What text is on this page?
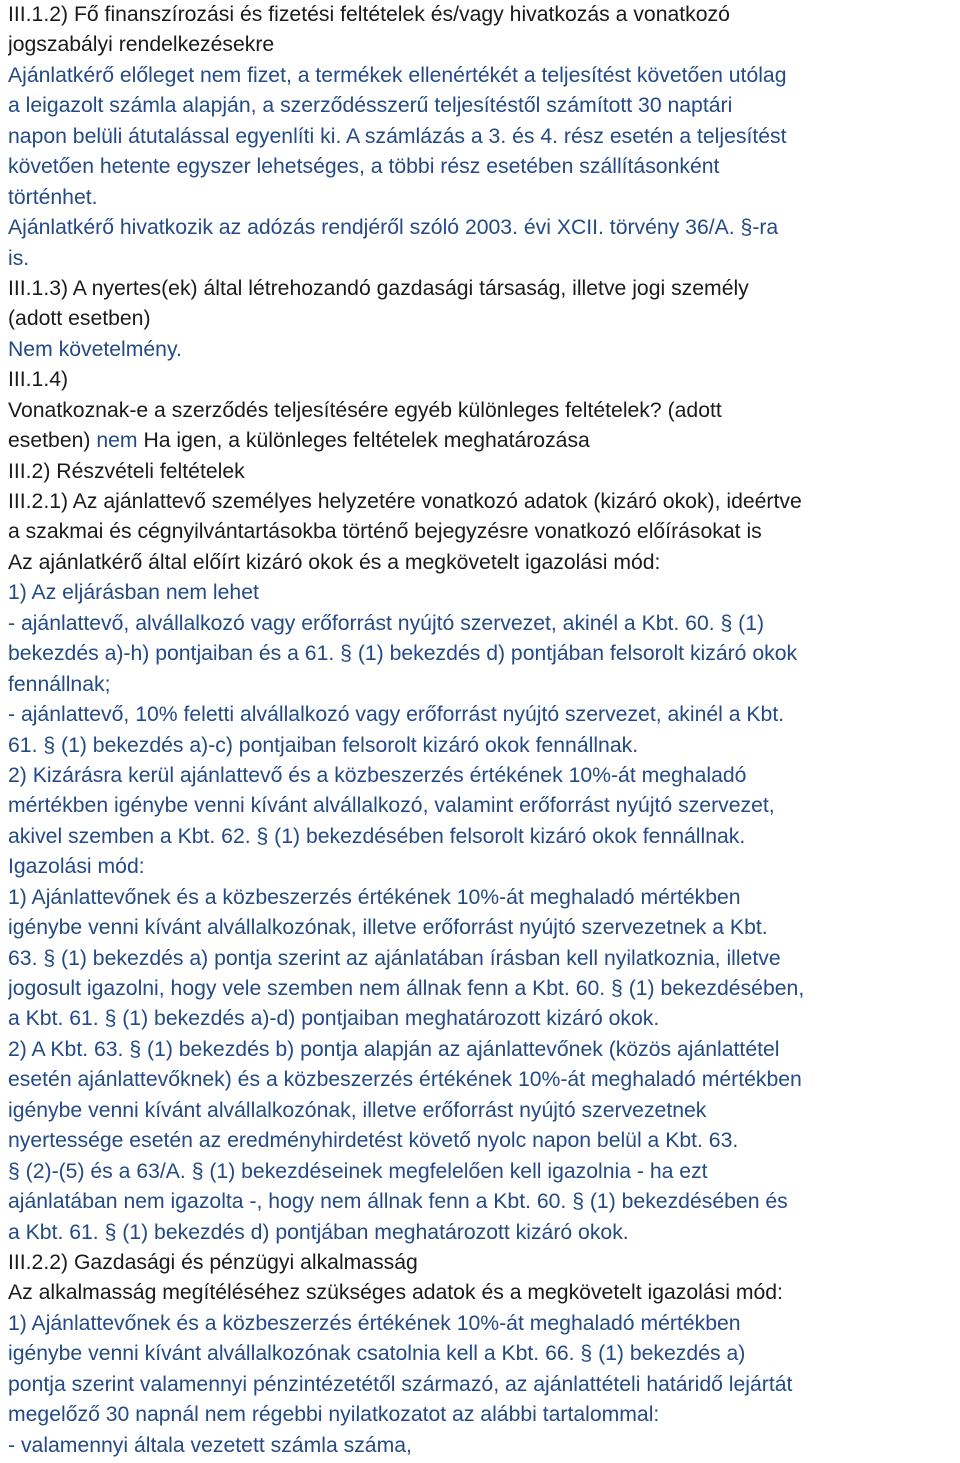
III.1.2) Fő finanszírozási és fizetési feltételek és/vagy hivatkozás a vonatkozó
jogszabályi rendelkezésekre
Ajánlatkérő előleget nem fizet, a termékek ellenértékét a teljesítést követően utólag
a leigazolt számla alapján, a szerződésszerű teljesítéstől számított 30 naptári
napon belüli átutalással egyenlíti ki. A számlázás a 3. és 4. rész esetén a teljesítést
követően hetente egyszer lehetséges, a többi rész esetében szállításonként
történhet.
Ajánlatkérő hivatkozik az adózás rendjéről szóló 2003. évi XCII. törvény 36/A. §-ra
is.
III.1.3) A nyertes(ek) által létrehozandó gazdasági társaság, illetve jogi személy
(adott esetben)
Nem követelmény.
III.1.4)
Vonatkoznak-e a szerződés teljesítésére egyéb különleges feltételek? (adott
esetben) nem Ha igen, a különleges feltételek meghatározása
III.2) Részvételi feltételek
III.2.1) Az ajánlattevő személyes helyzetére vonatkozó adatok (kizáró okok), ideértve
a szakmai és cégnyilvántartásokba történő bejegyzésre vonatkozó előírásokat is
Az ajánlatkérő által előírt kizáró okok és a megkövetelt igazolási mód:
1) Az eljárásban nem lehet
- ajánlattevő, alvállalkozó vagy erőforrást nyújtó szervezet, akinél a Kbt. 60. § (1)
bekezdés a)-h) pontjaiban és a 61. § (1) bekezdés d) pontjában felsorolt kizáró okok
fennállnak;
- ajánlattevő, 10% feletti alvállalkozó vagy erőforrást nyújtó szervezet, akinél a Kbt.
61. § (1) bekezdés a)-c) pontjaiban felsorolt kizáró okok fennállnak.
2) Kizárásra kerül ajánlattevő és a közbeszerzés értékének 10%-át meghaladó
mértékben igénybe venni kívánt alvállalkozó, valamint erőforrást nyújtó szervezet,
akivel szemben a Kbt. 62. § (1) bekezdésében felsorolt kizáró okok fennállnak.
Igazolási mód:
1) Ajánlattevőnek és a közbeszerzés értékének 10%-át meghaladó mértékben
igénybe venni kívánt alvállalkozónak, illetve erőforrást nyújtó szervezetnek a Kbt.
63. § (1) bekezdés a) pontja szerint az ajánlatában írásban kell nyilatkoznia, illetve
jogosult igazolni, hogy vele szemben nem állnak fenn a Kbt. 60. § (1) bekezdésében,
a Kbt. 61. § (1) bekezdés a)-d) pontjaiban meghatározott kizáró okok.
2) A Kbt. 63. § (1) bekezdés b) pontja alapján az ajánlattevőnek (közös ajánlattétel
esetén ajánlattevőknek) és a közbeszerzés értékének 10%-át meghaladó mértékben
igénybe venni kívánt alvállalkozónak, illetve erőforrást nyújtó szervezetnek
nyertessége esetén az eredményhirdetést követő nyolc napon belül a Kbt. 63.
§ (2)-(5) és a 63/A. § (1) bekezdéseinek megfelelően kell igazolnia - ha ezt
ajánlatában nem igazolta -, hogy nem állnak fenn a Kbt. 60. § (1) bekezdésében és
a Kbt. 61. § (1) bekezdés d) pontjában meghatározott kizáró okok.
III.2.2) Gazdasági és pénzügyi alkalmasság
Az alkalmasság megítéléséhez szükséges adatok és a megkövetelt igazolási mód:
1) Ajánlattevőnek és a közbeszerzés értékének 10%-át meghaladó mértékben
igénybe venni kívánt alvállalkozónak csatolnia kell a Kbt. 66. § (1) bekezdés a)
pontja szerint valamennyi pénzintézetétől származó, az ajánlattételi határidő lejártát
megelőző 30 napnál nem régebbi nyilatkozatot az alábbi tartalommal:
- valamennyi általa vezetett számla száma,
